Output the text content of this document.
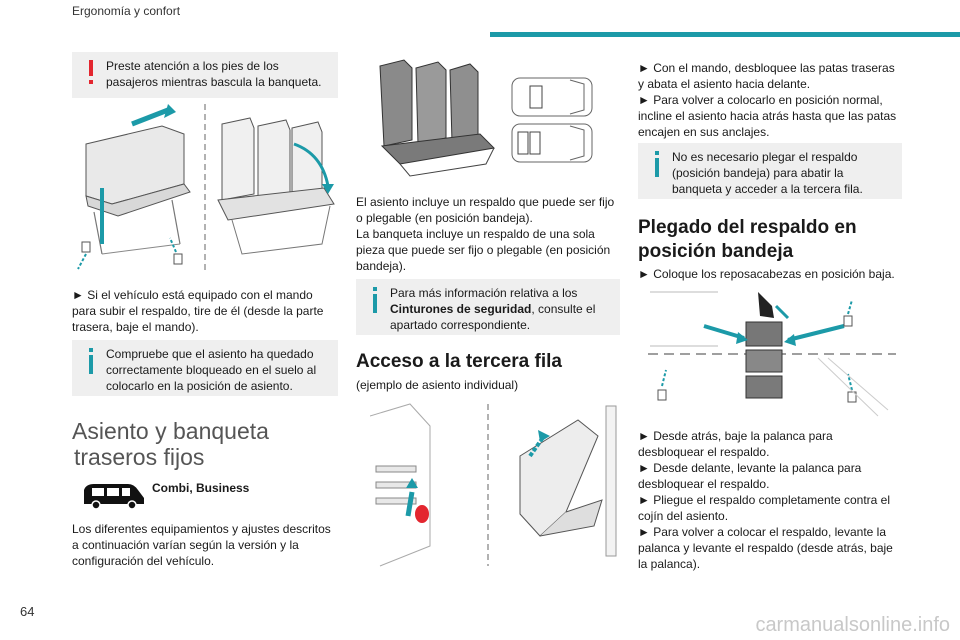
Ergonomía y confort
Preste atención a los pies de los pasajeros mientras bascula la banqueta.

► Si el vehículo está equipado con el mando para subir el respaldo, tire de él (desde la parte trasera, baje el mando).

Compruebe que el asiento ha quedado correctamente bloqueado en el suelo al colocarlo en la posición de asiento.
Asiento y banqueta
traseros fijos
Combi, Business

Los diferentes equipamientos y ajustes descritos a continuación varían según la versión y la configuración del vehículo.

El asiento incluye un respaldo que puede ser fijo o plegable (en posición bandeja).

La banqueta incluye un respaldo de una sola pieza que puede ser fijo o plegable (en posición bandeja).

Para más información relativa a los Cinturones de seguridad, consulte el apartado correspondiente.
Acceso a la tercera fila

(ejemplo de asiento individual)

► Con el mando, desbloquee las patas traseras y abata el asiento hacia delante.

► Para volver a colocarlo en posición normal, incline el asiento hacia atrás hasta que las patas encajen en sus anclajes.

No es necesario plegar el respaldo (posición bandeja) para abatir la banqueta y acceder a la tercera fila.
Plegado del respaldo en
posición bandeja

► Coloque los reposacabezas en posición baja.

► Desde atrás, baje la palanca para desbloquear el respaldo.

► Desde delante, levante la palanca para desbloquear el respaldo.

► Pliegue el respaldo completamente contra el cojín del asiento.

► Para volver a colocar el respaldo, levante la palanca y levante el respaldo (desde atrás, baje la palanca).

64
carmanualsonline.info
